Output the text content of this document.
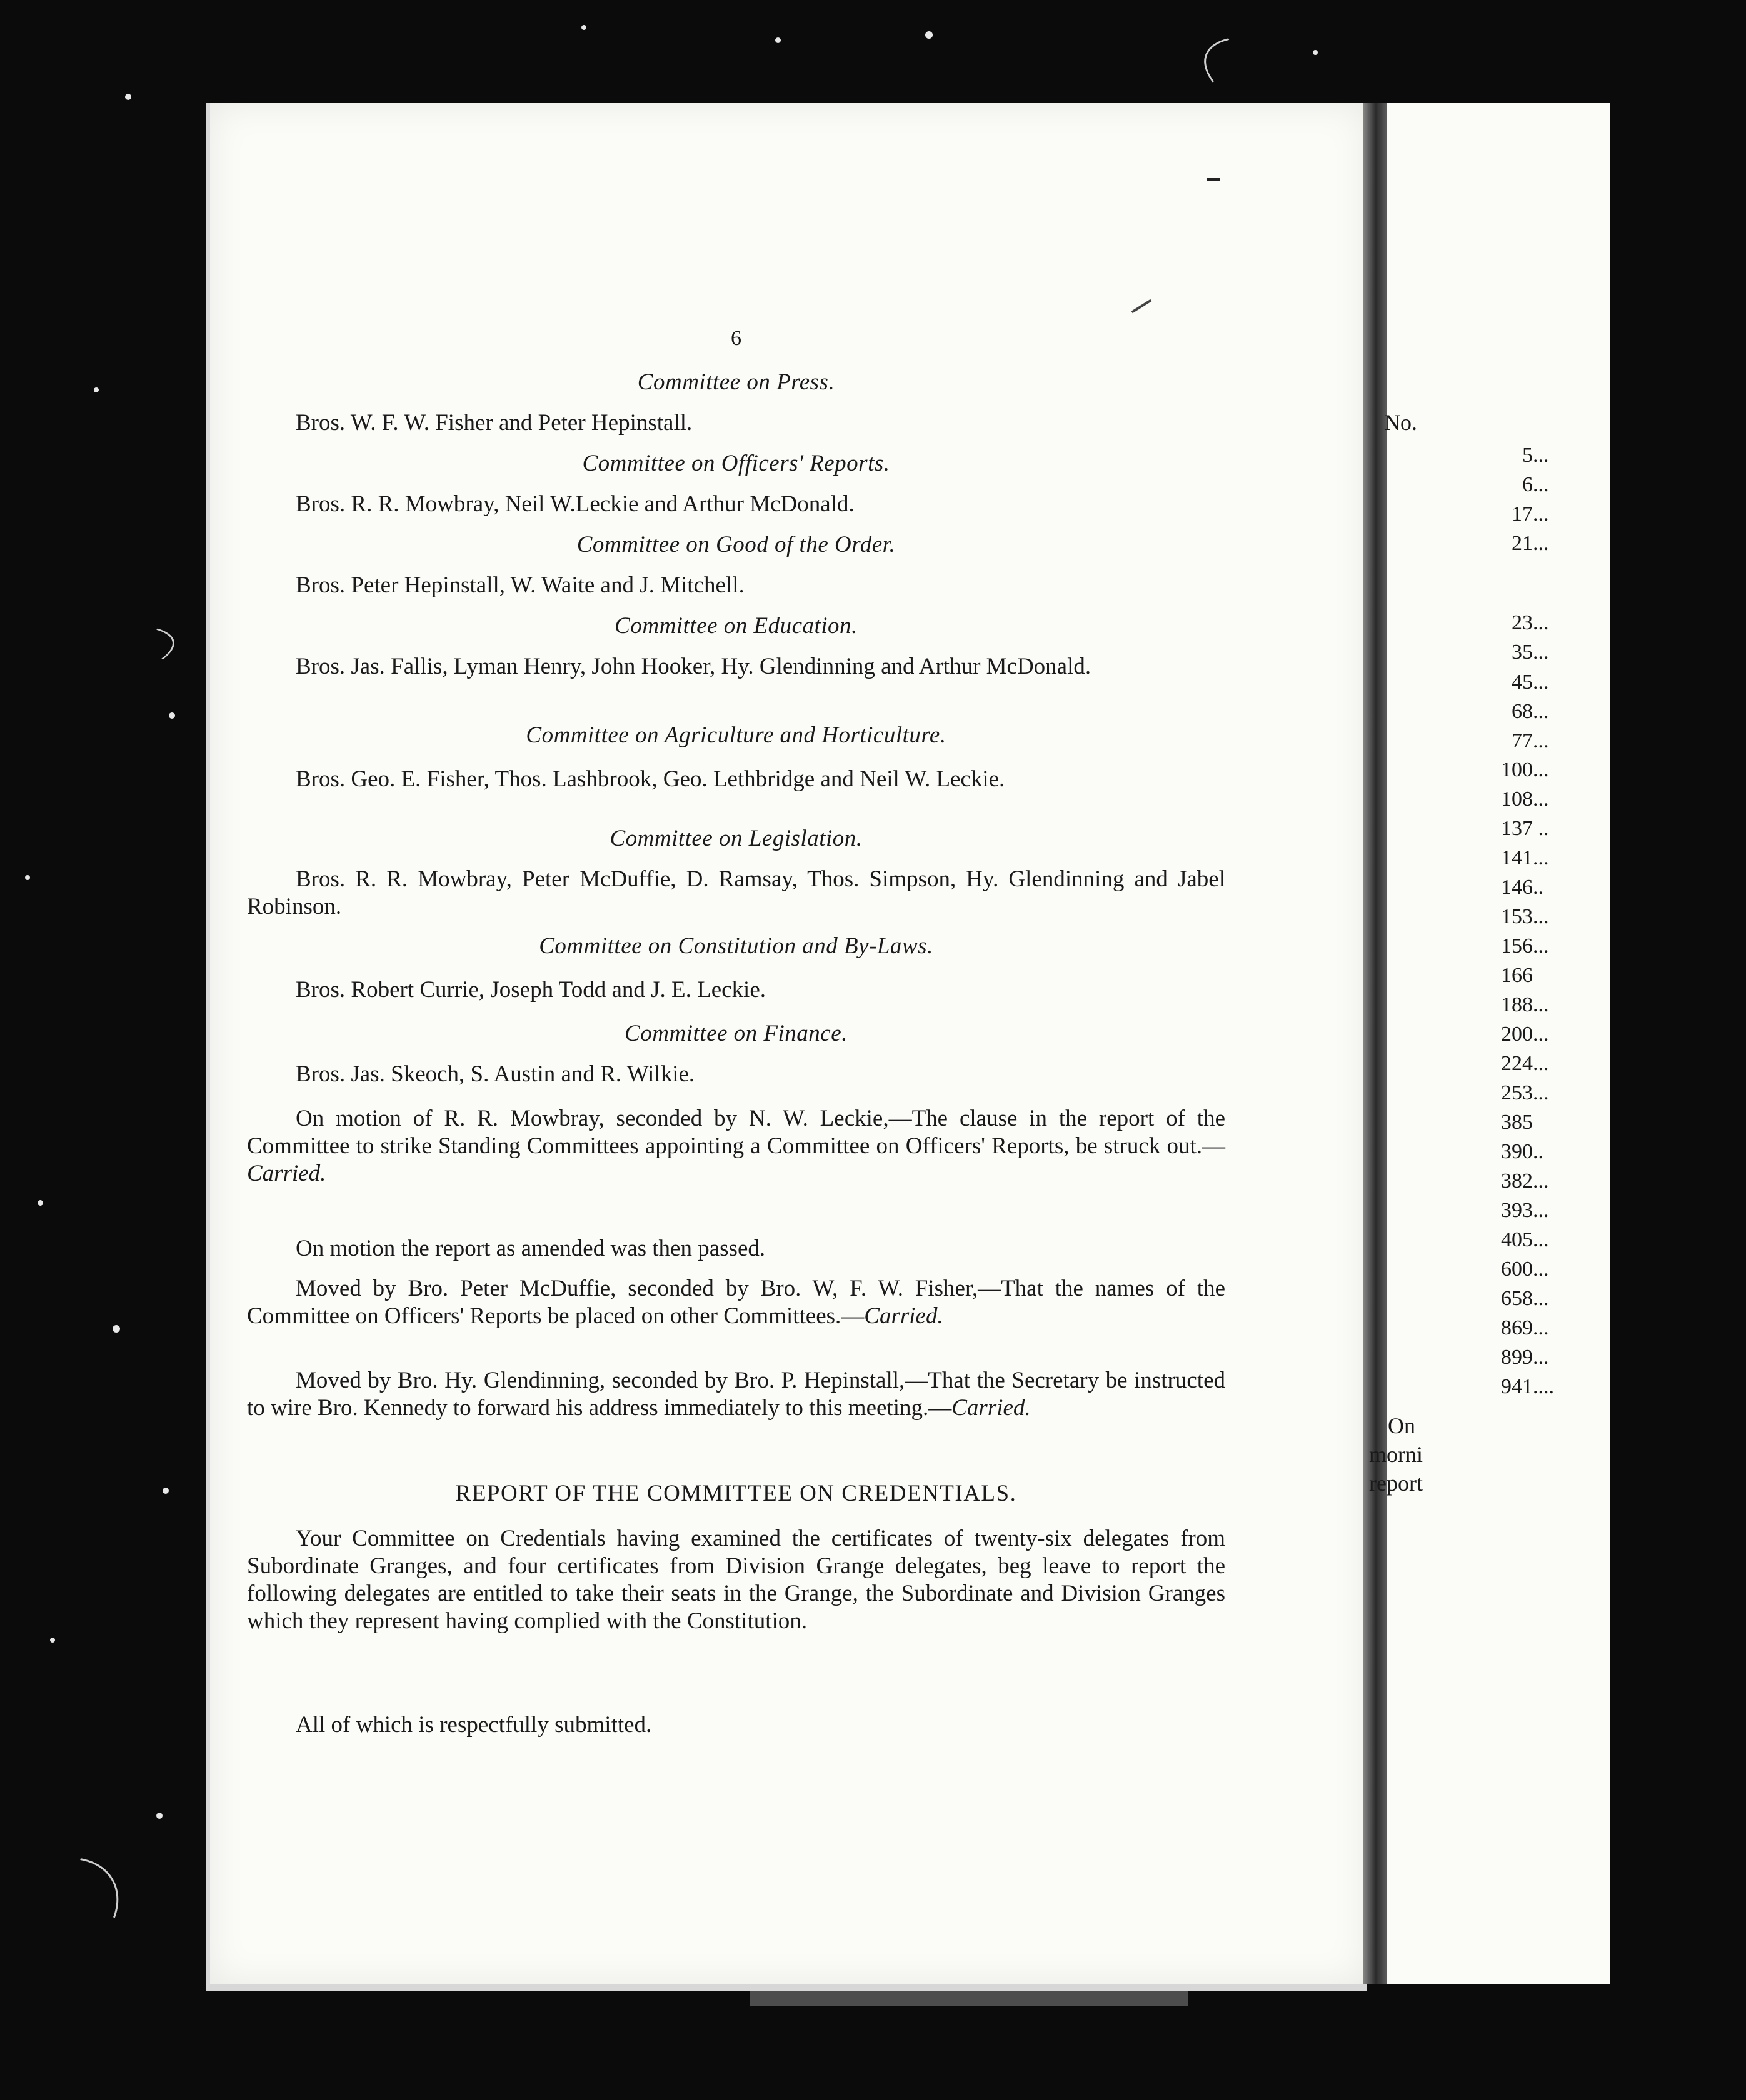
No.
5...
6...
17...
21...
23...
35...
45...
68...
77...
100...
108...
137 ..
141...
146..
153...
156...
166
188...
200...
224...
253...
385
390..
382...
393...
405...
600...
658...
869...
899...
941....
On
morni
report
6
Committee on Press.
Bros. W. F. W. Fisher and Peter Hepinstall.
Committee on Officers' Reports.
Bros. R. R. Mowbray, Neil W.Leckie and Arthur McDonald.
Committee on Good of the Order.
Bros. Peter Hepinstall, W. Waite and J. Mitchell.
Committee on Education.
Bros. Jas. Fallis, Lyman Henry, John Hooker, Hy. Glendinning and Arthur McDonald.
Committee on Agriculture and Horticulture.
Bros. Geo. E. Fisher, Thos. Lashbrook, Geo. Lethbridge and Neil W. Leckie.
Committee on Legislation.
Bros. R. R. Mowbray, Peter McDuffie, D. Ramsay, Thos. Simpson, Hy. Glendinning and Jabel Robinson.
Committee on Constitution and By-Laws.
Bros. Robert Currie, Joseph Todd and J. E. Leckie.
Committee on Finance.
Bros. Jas. Skeoch, S. Austin and R. Wilkie.
On motion of R. R. Mowbray, seconded by N. W. Leckie,—The clause in the report of the Committee to strike Standing Committees appointing a Committee on Officers' Reports, be struck out.—Carried.
On motion the report as amended was then passed.
Moved by Bro. Peter McDuffie, seconded by Bro. W, F. W. Fisher,—That the names of the Committee on Officers' Reports be placed on other Committees.—Carried.
Moved by Bro. Hy. Glendinning, seconded by Bro. P. Hepinstall,—That the Secretary be instructed to wire Bro. Kennedy to forward his address immediately to this meeting.—Carried.
REPORT OF THE COMMITTEE ON CREDENTIALS.
Your Committee on Credentials having examined the certificates of twenty-six delegates from Subordinate Granges, and four certificates from Division Grange delegates, beg leave to report the following delegates are entitled to take their seats in the Grange, the Subordinate and Division Granges which they represent having complied with the Constitution.
All of which is respectfully submitted.
